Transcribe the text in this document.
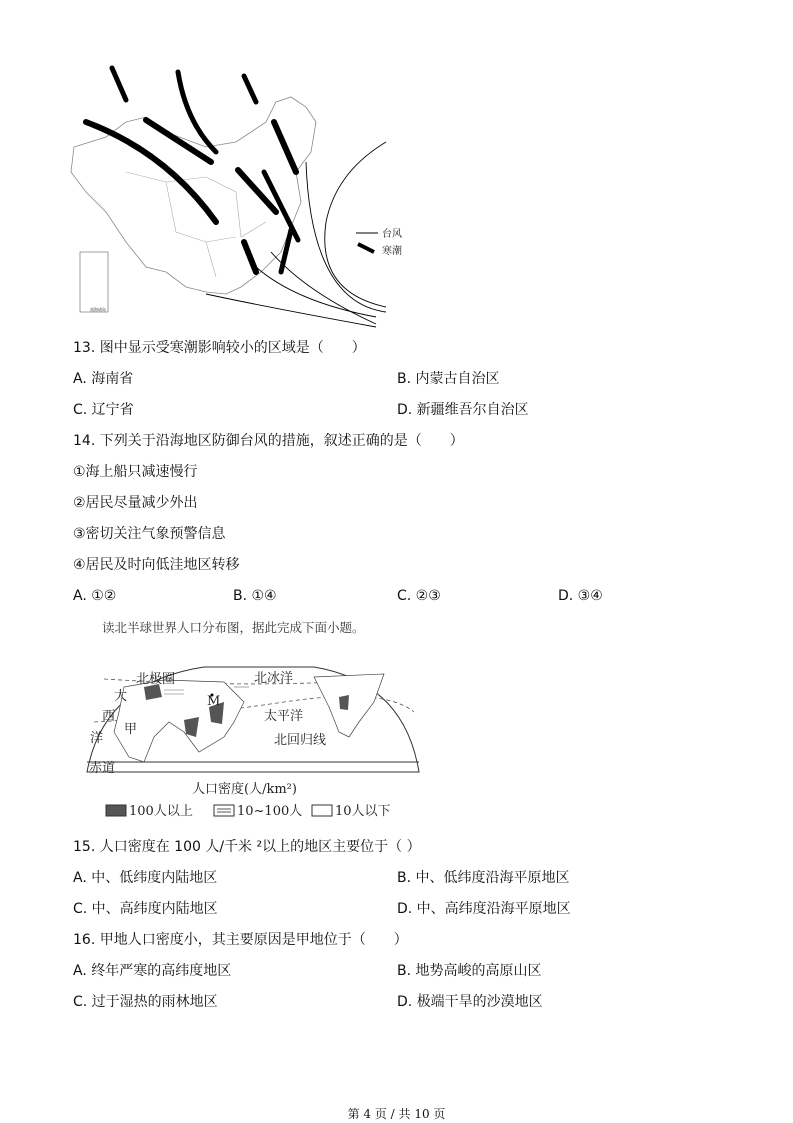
台风
寒潮
南海诸岛
13. 图中显示受寒潮影响较小的区域是（　　）
A. 海南省	B. 内蒙古自治区
C. 辽宁省	D. 新疆维吾尔自治区
14. 下列关于沿海地区防御台风的措施，叙述正确的是（　　）
①海上船只减速慢行
②居民尽量减少外出
③密切关注气象预警信息
④居民及时向低洼地区转移
A. ①②	B. ①④	C. ②③	D. ③④
读北半球世界人口分布图，据此完成下面小题。
北极圈	北冰洋
M
大
西
甲
洋
太平洋
北回归线
赤道
人口密度(人/km²)
100人以上	10~100人	10人以下
15. 人口密度在 100 人/千米 ²以上的地区主要位于（ ）
A. 中、低纬度内陆地区	B. 中、低纬度沿海平原地区
C. 中、高纬度内陆地区	D. 中、高纬度沿海平原地区
16. 甲地人口密度小，其主要原因是甲地位于（　　）
A. 终年严寒的高纬度地区	B. 地势高峻的高原山区
C. 过于湿热的雨林地区	D. 极端干旱的沙漠地区
第 4 页 / 共 10 页
